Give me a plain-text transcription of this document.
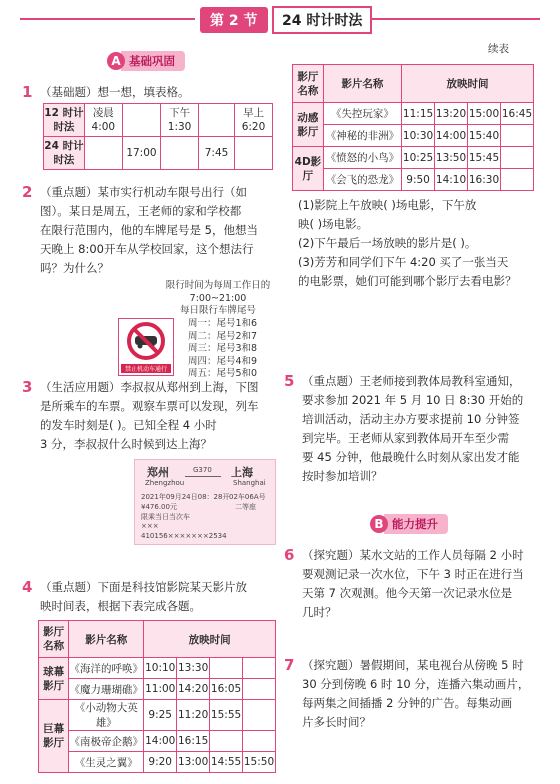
第 2 节	24 时计时法
A 基础巩固
1 （基础题）想一想，填表格。
12 时计时法	凌晨 4:00		下午 1:30		早上 6:20
24 时计时法		17:00		7:45	
2 （重点题）某市实行机动车限号出行（如
图）。某日是周五，王老师的家和学校都
在限行范围内，他的车牌尾号是 5，他想当
天晚上 8:00开车从学校回家，这个想法行
吗？为什么？
禁止机动车通行
限行时间为每周工作日的
7:00~21:00
每日限行车牌尾号
周一：尾号1和6
周二：尾号2和7
周三：尾号3和8
周四：尾号4和9
周五：尾号5和0
3 （生活应用题）李叔叔从郑州到上海，下图
是所乘车的车票。观察车票可以发现，列车
的发车时刻是( )。已知全程 4 小时
3 分，李叔叔什么时候到达上海？
郑州
Zhengzhou
G370 上海
Shanghai
2021年09月24日08：28开 02车06A号
¥476.00元	二等座
限乘当日当次车
×××
410156×××××××2534
4 （重点题）下面是科技馆影院某天影片放
映时间表，根据下表完成各题。
影厅名称	影片名称	放映时间			
球幕影厅	《海洋的呼唤》	10:10	13:30		
	《魔力珊瑚礁》	11:00	14:20	16:05	
巨幕影厅	《小动物大英雄》	9:25	11:20	15:55	
	《南极帝企鹅》	14:00	16:15		
	《生灵之翼》	9:20	13:00	14:55	15:50
续表
影厅名称	影片名称	放映时间			
动感影厅	《失控玩家》	11:15	13:20	15:00	16:45
	《神秘的非洲》	10:30	14:00	15:40	
4D影厅	《愤怒的小鸟》	10:25	13:50	15:45	
	《会飞的恐龙》	9:50	14:10	16:30	
(1)影院上午放映( )场电影，下午放
映( )场电影。
(2)下午最后一场放映的影片是( )。
(3)芳芳和同学们下午 4:20 买了一张当天
的电影票，她们可能到哪个影厅去看电影？
5 （重点题）王老师接到教体局教科室通知，
要求参加 2021 年 5 月 10 日 8:30 开始的
培训活动，活动主办方要求提前 10 分钟签
到完毕。王老师从家到教体局开车至少需
要 45 分钟，他最晚什么时刻从家出发才能
按时参加培训？
B 能力提升
6 （探究题）某水文站的工作人员每隔 2 小时
要观测记录一次水位，下午 3 时正在进行当
天第 7 次观测。他今天第一次记录水位是
几时？
7 （探究题）暑假期间，某电视台从傍晚 5 时
30 分到傍晚 6 时 10 分，连播六集动画片，
每两集之间插播 2 分钟的广告。每集动画
片多长时间？
